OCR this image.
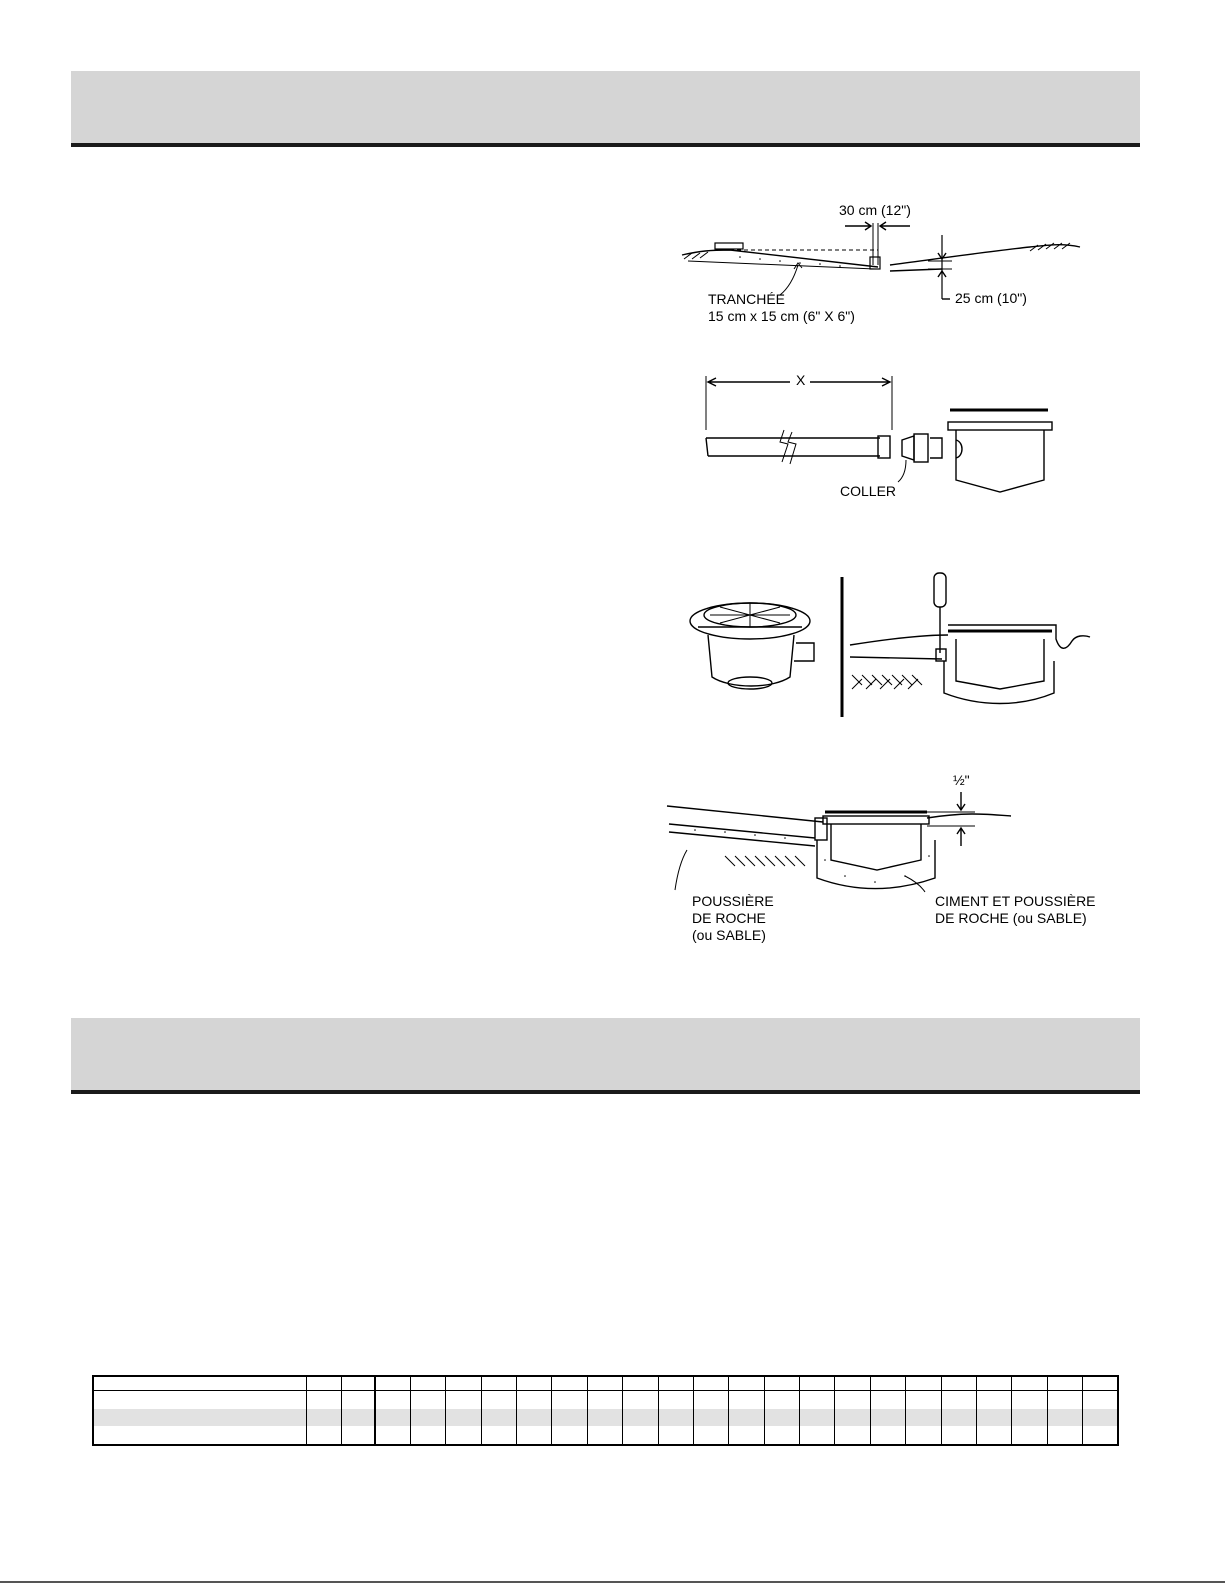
30 cm (12")
25 cm (10")
TRANCHÉE
15 cm x 15 cm (6" X 6")
X
COLLER
½"
POUSSIÈRE
DE ROCHE
(ou SABLE)
CIMENT ET POUSSIÈRE
DE ROCHE (ou SABLE)
